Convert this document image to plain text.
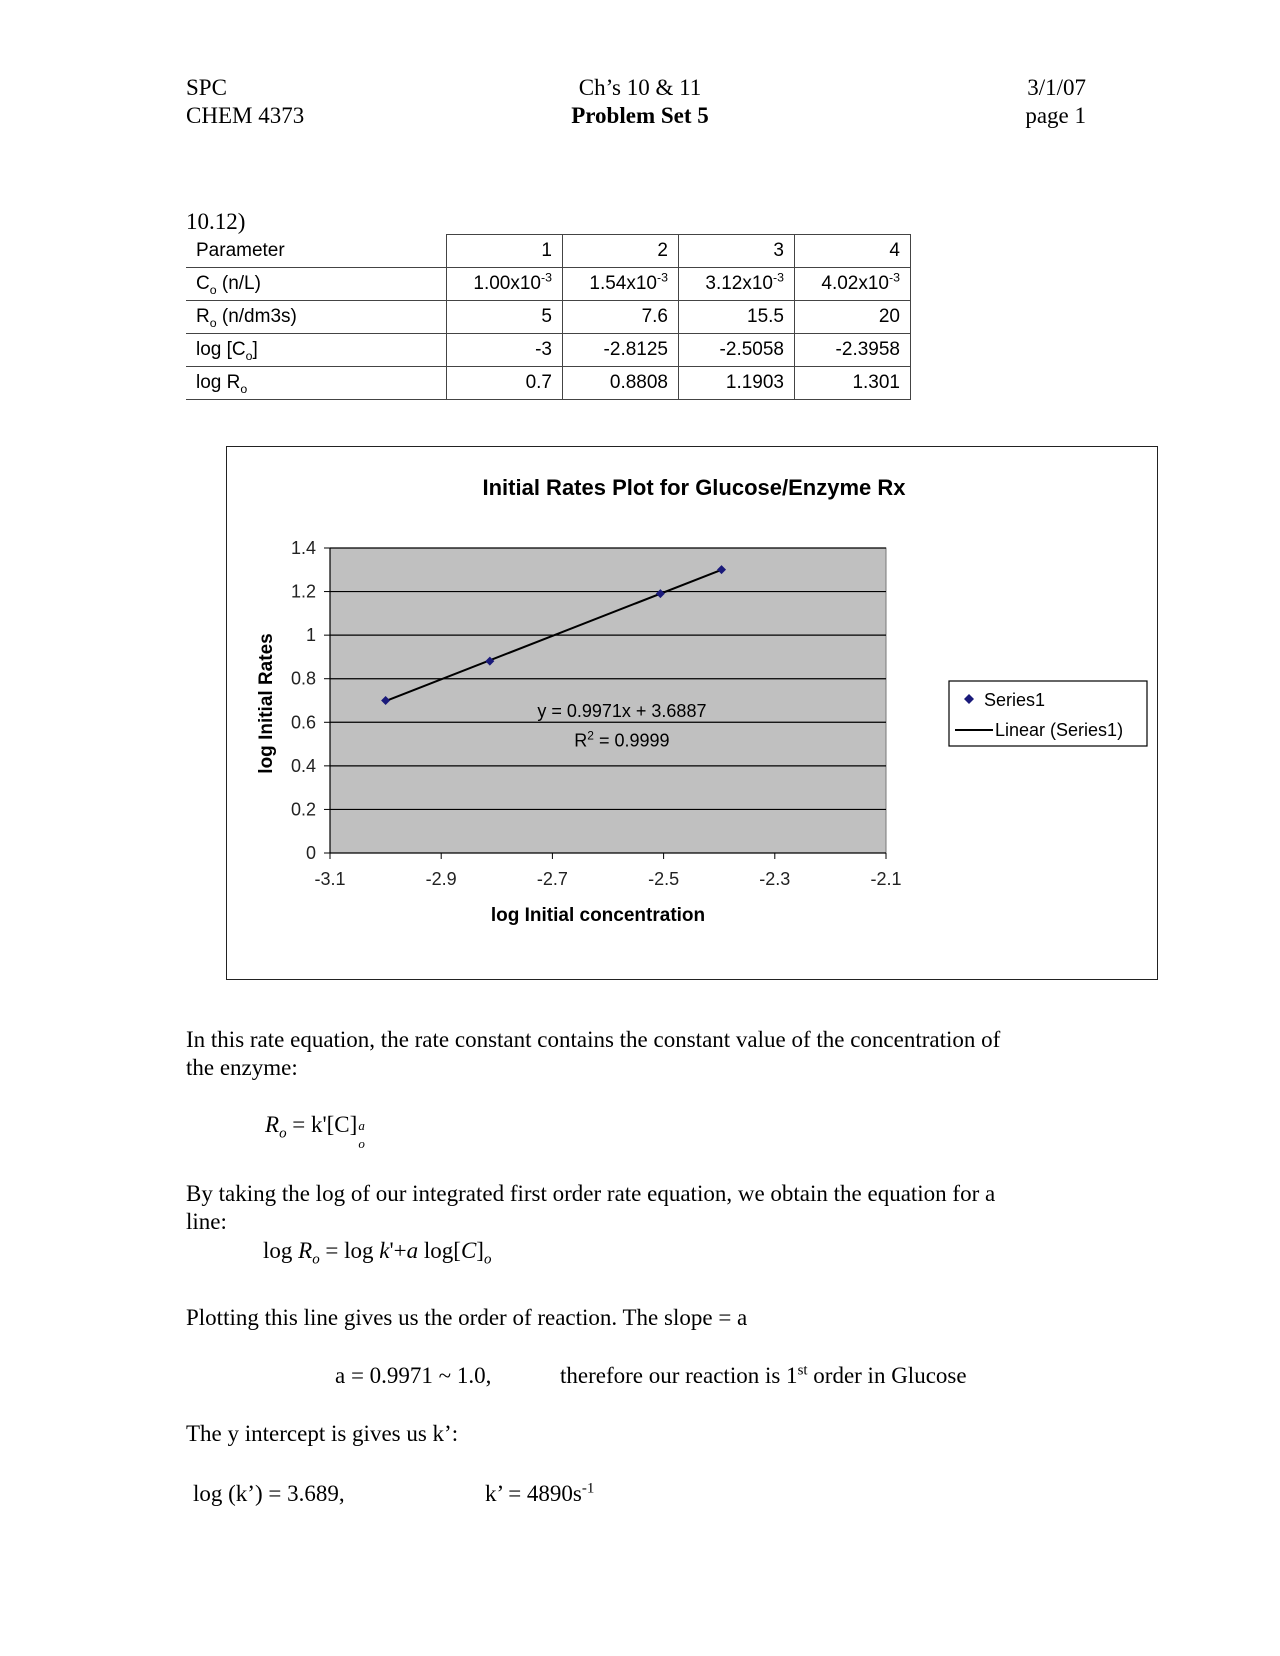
SPC
CHEM 4373
Ch’s 10 & 11
Problem Set 5
3/1/07
page 1
10.12)
Parameter	1	2	3	4
$C_o$ (n/L)	$1.00x10^{-3}$	$1.54x10^{-3}$	$3.12x10^{-3}$	$4.02x10^{-3}$
$R_o$ (n/dm3s)	5	7.6	15.5	20
$\log [C_o]$	-3	-2.8125	-2.5058	-2.3958
$\log R_o$	0.7	0.8808	1.1903	1.301
Initial Rates Plot for Glucose/Enzyme Rx
0
0.2
0.4
0.6
0.8
1
1.2
1.4
-3.1	-2.9	-2.7	-2.5	-2.3	-2.1
y = 0.9971x + 3.6887
$R^2 = 0.9999$
log Initial concentration
log Initial Rates	Series1
Linear (Series1)
In this rate equation, the rate constant contains the constant value of the concentration of
the enzyme:
$R_o = k'[C]$ a
o
By taking the log of our integrated first order rate equation, we obtain the equation for a
line:
$\log R_o = \log k'+a$ $\log[C]_o$
Plotting this line gives us the order of reaction. The slope = a
a = 0.9971 ~ 1.0,	therefore our reaction is 1st order in Glucose
The y intercept is gives us k’:
log (k’) = 3.689,	k’ = $4890s^{-1}$
